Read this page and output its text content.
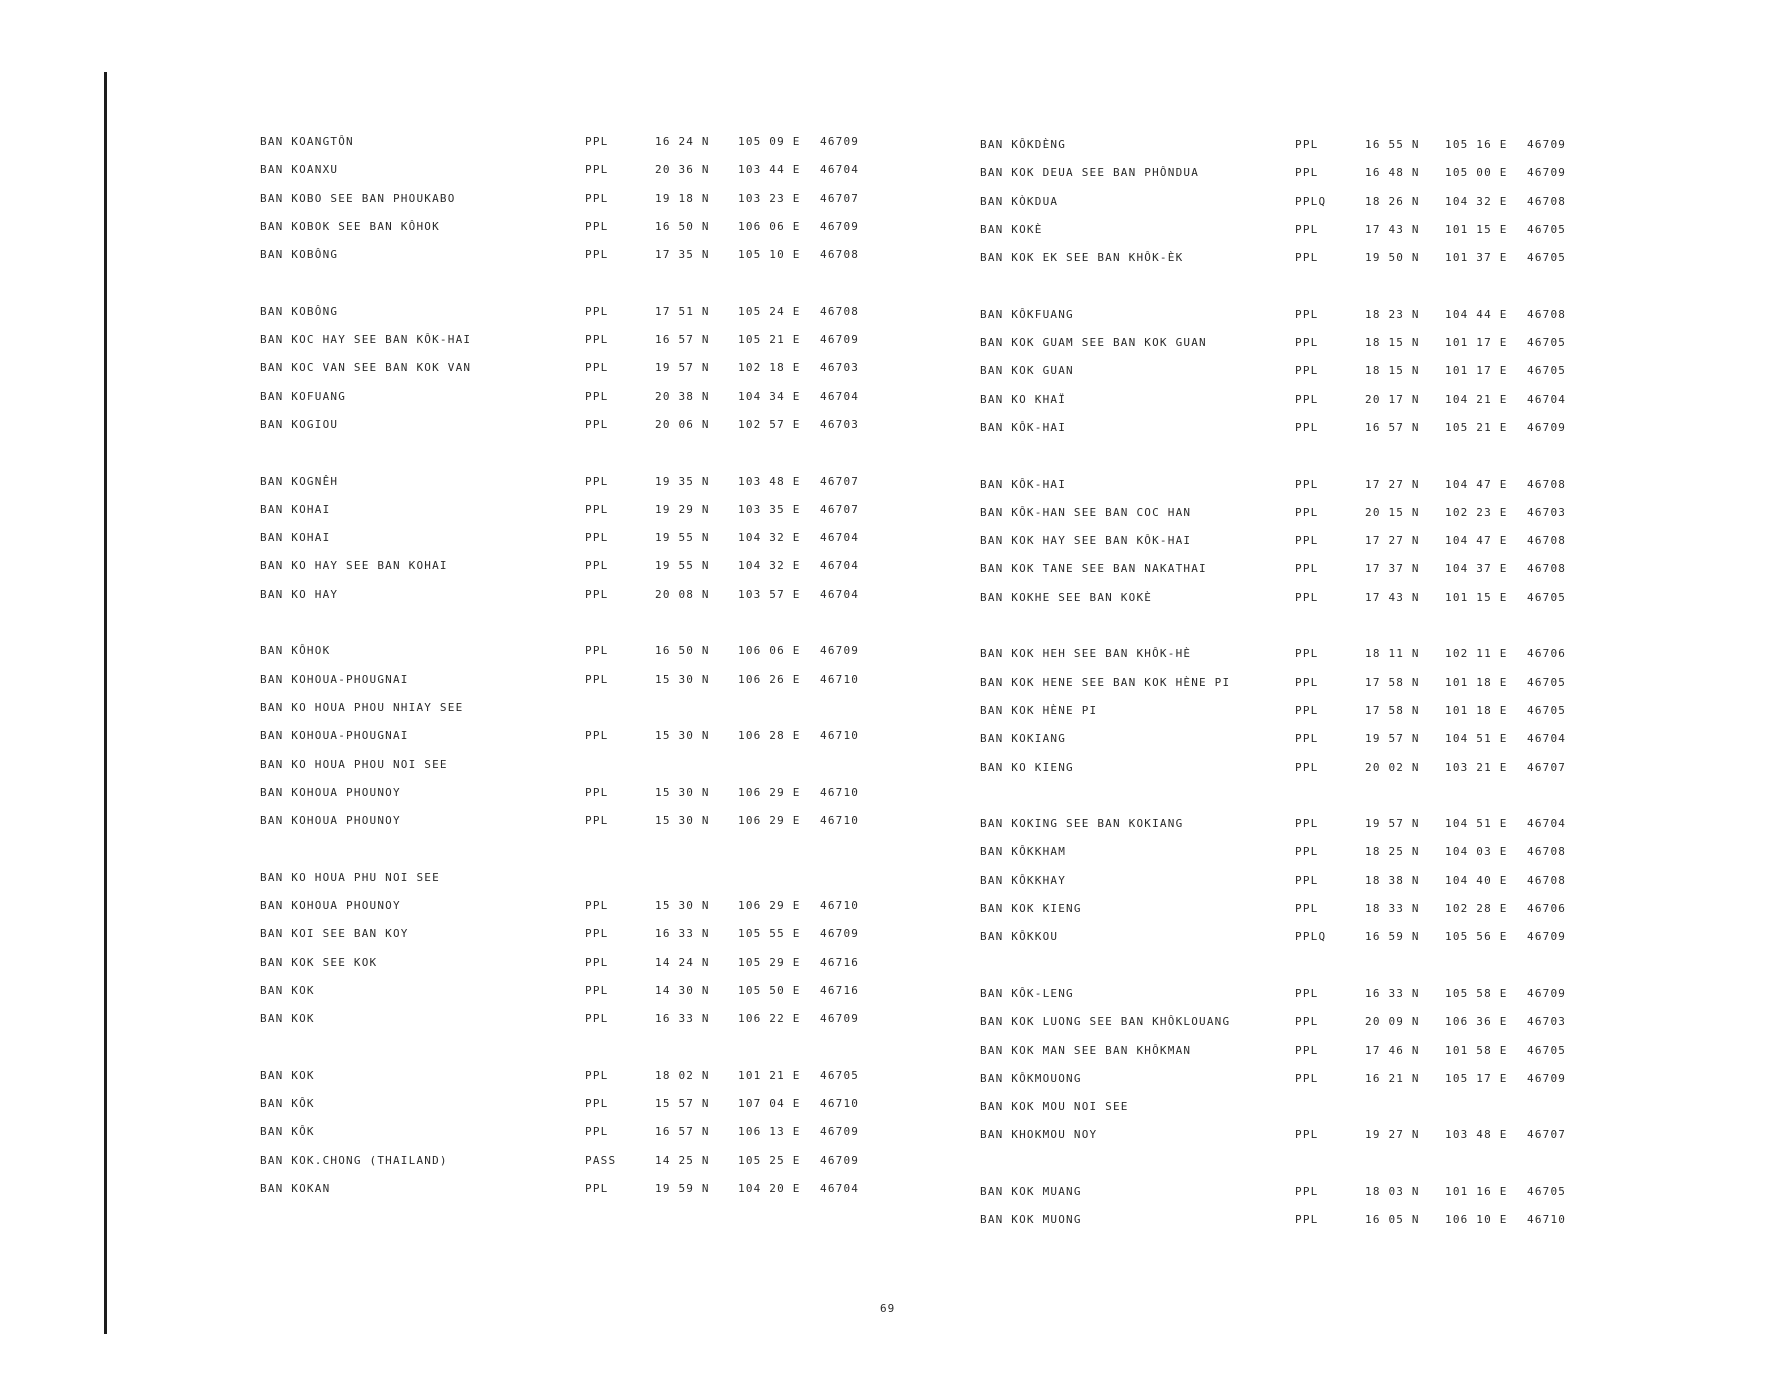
BAN KOANGTÔN	PPL	16 24 N	105 09 E 46709
BAN KOANXU	PPL	20 36 N	103 44 E 46704
BAN KOBO SEE BAN PHOUKABO	PPL	19 18 N	103 23 E 46707
BAN KOBOK SEE BAN KÔHOK	PPL	16 50 N	106 06 E 46709
BAN KOBÔNG	PPL	17 35 N	105 10 E 46708
BAN KOBÔNG	PPL	17 51 N	105 24 E 46708
BAN KOC HAY SEE BAN KÔK-HAI	PPL	16 57 N	105 21 E 46709
BAN KOC VAN SEE BAN KOK VAN	PPL	19 57 N	102 18 E 46703
BAN KOFUANG	PPL	20 38 N	104 34 E 46704
BAN KOGIOU	PPL	20 06 N	102 57 E 46703
BAN KOGNÊH	PPL	19 35 N	103 48 E 46707
BAN KOHAI	PPL	19 29 N	103 35 E 46707
BAN KOHAI	PPL	19 55 N	104 32 E 46704
BAN KO HAY SEE BAN KOHAI	PPL	19 55 N	104 32 E 46704
BAN KO HAY	PPL	20 08 N	103 57 E 46704
BAN KÔHOK	PPL	16 50 N	106 06 E 46709
BAN KOHOUA-PHOUGNAI	PPL	15 30 N	106 26 E 46710
BAN KO HOUA PHOU NHIAY SEE
BAN KOHOUA-PHOUGNAI	PPL	15 30 N	106 28 E 46710
BAN KO HOUA PHOU NOI SEE
BAN KOHOUA PHOUNOY	PPL	15 30 N	106 29 E 46710
BAN KOHOUA PHOUNOY	PPL	15 30 N	106 29 E 46710
BAN KO HOUA PHU NOI SEE
BAN KOHOUA PHOUNOY	PPL	15 30 N	106 29 E 46710
BAN KOI SEE BAN KOY	PPL	16 33 N	105 55 E 46709
BAN KOK SEE KOK	PPL	14 24 N	105 29 E 46716
BAN KOK	PPL	14 30 N	105 50 E 46716
BAN KOK	PPL	16 33 N	106 22 E 46709
BAN KOK	PPL	18 02 N	101 21 E 46705
BAN KÔK	PPL	15 57 N	107 04 E 46710
BAN KÔK	PPL	16 57 N	106 13 E 46709
BAN KOK.CHONG (THAILAND)	PASS	14 25 N	105 25 E 46709
BAN KOKAN	PPL	19 59 N	104 20 E 46704
BAN KÔKDÈNG	PPL	16 55 N 105 16 E 46709
BAN KOK DEUA SEE BAN PHÔNDUA	PPL	16 48 N 105 00 E 46709
BAN KÒKDUA	PPLQ	18 26 N 104 32 E 46708
BAN KOKÈ	PPL	17 43 N 101 15 E 46705
BAN KOK EK SEE BAN KHÔK-ÈK	PPL	19 50 N 101 37 E 46705
BAN KÔKFUANG	PPL	18 23 N 104 44 E 46708
BAN KOK GUAM SEE BAN KOK GUAN	PPL	18 15 N 101 17 E 46705
BAN KOK GUAN	PPL	18 15 N 101 17 E 46705
BAN KO KHAÏ	PPL	20 17 N 104 21 E 46704
BAN KÔK-HAI	PPL	16 57 N 105 21 E 46709
BAN KÔK-HAI	PPL	17 27 N 104 47 E 46708
BAN KÔK-HAN SEE BAN COC HAN	PPL	20 15 N 102 23 E 46703
BAN KOK HAY SEE BAN KÔK-HAI	PPL	17 27 N 104 47 E 46708
BAN KOK TANE SEE BAN NAKATHAI	PPL	17 37 N 104 37 E 46708
BAN KOKHE SEE BAN KOKÈ	PPL	17 43 N 101 15 E 46705
BAN KOK HEH SEE BAN KHÔK-HÈ	PPL	18 11 N 102 11 E 46706
BAN KOK HENE SEE BAN KOK HÈNE PI	PPL	17 58 N 101 18 E 46705
BAN KOK HÈNE PI	PPL	17 58 N 101 18 E 46705
BAN KOKIANG	PPL	19 57 N 104 51 E 46704
BAN KO KIENG	PPL	20 02 N 103 21 E 46707
BAN KOKING SEE BAN KOKIANG	PPL	19 57 N 104 51 E 46704
BAN KÔKKHAM	PPL	18 25 N 104 03 E 46708
BAN KÔKKHAY	PPL	18 38 N 104 40 E 46708
BAN KOK KIENG	PPL	18 33 N 102 28 E 46706
BAN KÔKKOU	PPLQ	16 59 N 105 56 E 46709
BAN KÔK-LENG	PPL	16 33 N 105 58 E 46709
BAN KOK LUONG SEE BAN KHÔKLOUANG	PPL	20 09 N 106 36 E 46703
BAN KOK MAN SEE BAN KHÔKMAN	PPL	17 46 N 101 58 E 46705
BAN KÔKMOUONG	PPL	16 21 N 105 17 E 46709
BAN KOK MOU NOI SEE
BAN KHOKMOU NOY	PPL	19 27 N 103 48 E 46707
BAN KOK MUANG	PPL	18 03 N 101 16 E 46705
BAN KOK MUONG	PPL	16 05 N 106 10 E 46710
69
